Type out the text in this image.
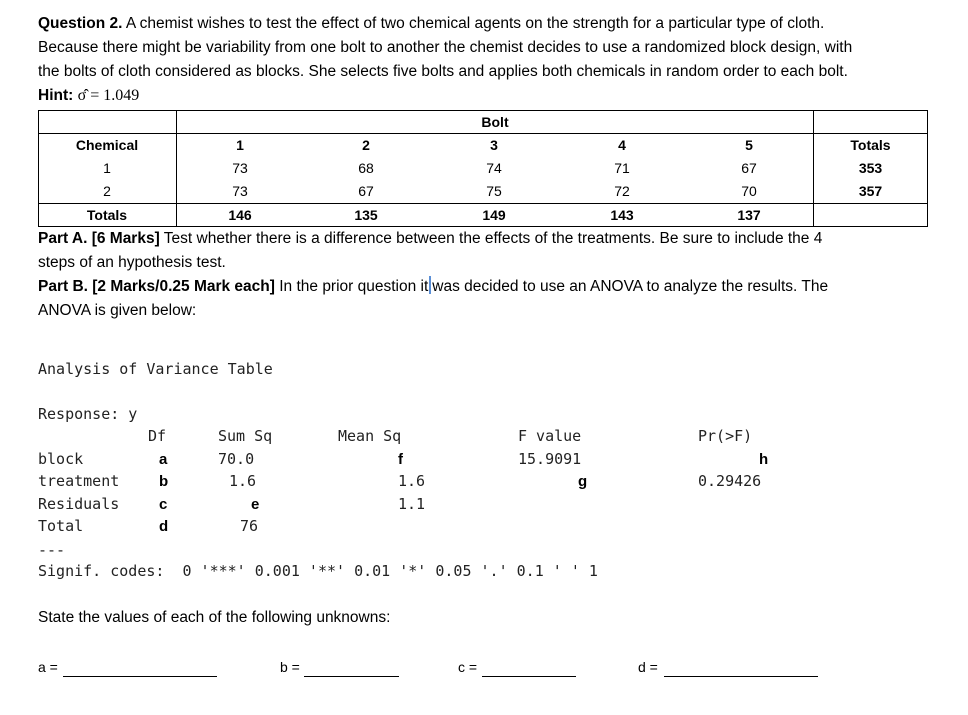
Question 2. A chemist wishes to test the effect of two chemical agents on the strength for a particular type of cloth.
Because there might be variability from one bolt to another the chemist decides to use a randomized block design, with
the bolts of cloth considered as blocks. She selects five bolts and applies both chemicals in random order to each bolt.
Hint: σ̂ = 1.049
Bolt
Chemical	1	2	3	4	5	Totals
1	73	68	74	71	67	353
2	73	67	75	72	70	357
Totals	146	135	149	143	137
Part A. [6 Marks] Test whether there is a difference between the effects of the treatments. Be sure to include the 4
steps of an hypothesis test.
Part B. [2 Marks/0.25 Mark each] In the prior question it was decided to use an ANOVA to analyze the results. The
ANOVA is given below:
Analysis of Variance Table
Response: y
Df	Sum Sq	Mean Sq	F value	Pr(>F)
block	a	70.0	f	15.9091	h
treatment	b	1.6	1.6	g	0.29426
Residuals	c	e	1.1
Total	d	76
---
Signif. codes:  0 '***' 0.001 '**' 0.01 '*' 0.05 '.' 0.1 ' ' 1
State the values of each of the following unknowns:
a =	b =	c =	d =
